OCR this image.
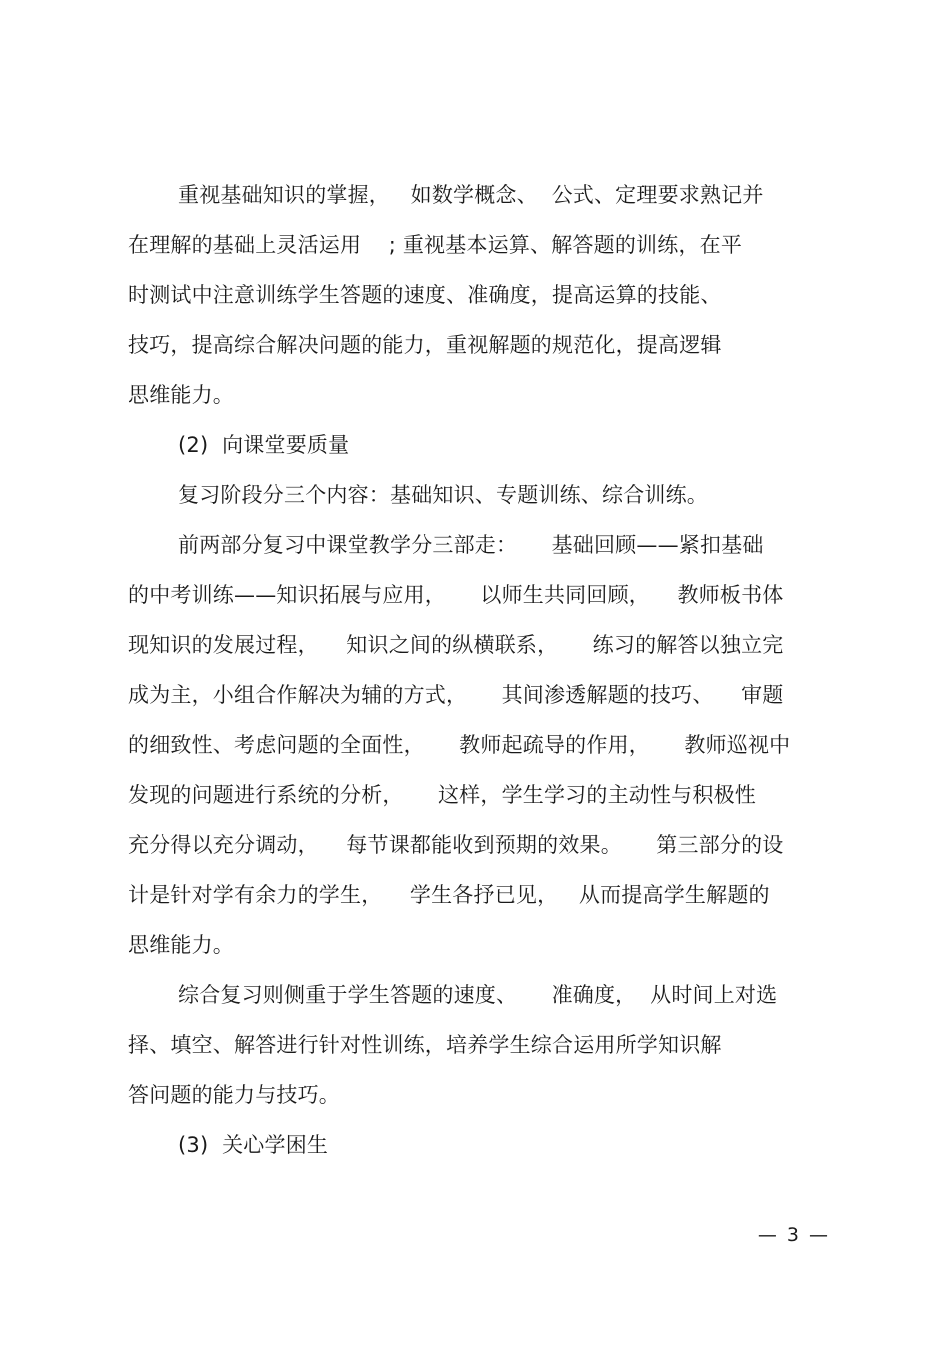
重视基础知识的掌握，   如数学概念、  公式、定理要求熟记并
在理解的基础上灵活运用    ; 重视基本运算、解答题的训练，在平
时测试中注意训练学生答题的速度、准确度，提高运算的技能、
技巧，提高综合解决问题的能力，重视解题的规范化，提高逻辑
思维能力。
(2)  向课堂要质量
复习阶段分三个内容：基础知识、专题训练、综合训练。
前两部分复习中课堂教学分三部走：     基础回顾——紧扣基础
的中考训练——知识拓展与应用，     以师生共同回顾，    教师板书体
现知识的发展过程，    知识之间的纵横联系，     练习的解答以独立完
成为主，小组合作解决为辅的方式，     其间渗透解题的技巧、    审题
的细致性、考虑问题的全面性，     教师起疏导的作用，     教师巡视中
发现的问题进行系统的分析，     这样，学生学习的主动性与积极性
充分得以充分调动，    每节课都能收到预期的效果。     第三部分的设
计是针对学有余力的学生，    学生各抒已见，   从而提高学生解题的
思维能力。
综合复习则侧重于学生答题的速度、     准确度，  从时间上对选
择、填空、解答进行针对性训练，培养学生综合运用所学知识解
答问题的能力与技巧。
(3)  关心学困生
— 3 —
